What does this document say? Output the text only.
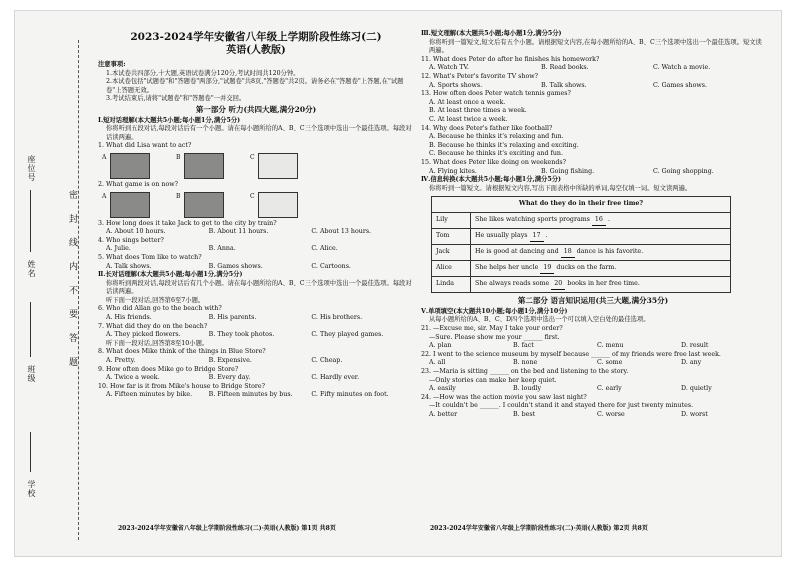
学校
班级
姓名
座位号
密 封 线 内 不 要 答 题
2023-2024学年安徽省八年级上学期阶段性练习(二)
英语(人教版)
注意事项:
1.本试卷共四部分,十大题,英语试卷满分120分,考试时间共120分钟。
2.本试卷包括"试题卷"和"答题卷"两部分,"试题卷"共8页,"答题卷"共2页。请务必在"答题卷"上答题,在"试题卷"上答题无效。
3.考试结束后,请将"试题卷"和"答题卷"一并交回。
第一部分 听力(共四大题,满分20分)
Ⅰ.短对话理解(本大题共5小题;每小题1分,满分5分)
你将听到五段对话,每段对话后有一个小题。请在每小题所给的A、B、C三个选项中选出一个最佳选项。每段对话读两遍。
1. What did Lisa want to act?
A	B	C
2. What game is on now?
A	B	C
3. How long does it take Jack to get to the city by train?
A. About 10 hours.	B. About 11 hours.	C. About 13 hours.
4. Who sings better?
A. Julie.	B. Anna.	C. Alice.
5. What does Tom like to watch?
A. Talk shows.	B. Games shows.	C. Cartoons.
Ⅱ.长对话理解(本大题共5小题;每小题1分,满分5分)
你将听到两段对话,每段对话后有几个小题。请在每小题所给的A、B、C三个选项中选出一个最佳选项。每段对话读两遍。
听下面一段对话,回答第6至7小题。
6. Who did Allan go to the beach with?
A. His friends.	B. His parents.	C. His brothers.
7. What did they do on the beach?
A. They picked flowers.	B. They took photos.	C. They played games.
听下面一段对话,回答第8至10小题。
8. What does Mike think of the things in Blue Store?
A. Pretty.	B. Expensive.	C. Cheap.
9. How often does Mike go to Bridge Store?
A. Twice a week.	B. Every day.	C. Hardly ever.
10. How far is it from Mike's house to Bridge Store?
A. Fifteen minutes by bike.	B. Fifteen minutes by bus.	C. Fifty minutes on foot.
Ⅲ.短文理解(本大题共5小题;每小题1分,满分5分)
你将听到一篇短文,短文后有五个小题。请根据短文内容,在每小题所给的A、B、C三个选项中选出一个最佳选项。短文读两遍。
11. What does Peter do after he finishes his homework?
A. Watch TV.	B. Read books.	C. Watch a movie.
12. What's Peter's favorite TV show?
A. Sports shows.	B. Talk shows.	C. Games shows.
13. How often does Peter watch tennis games?
A. At least once a week.
B. At least three times a week.
C. At least twice a week.
14. Why does Peter's father like football?
A. Because he thinks it's relaxing and fun.
B. Because he thinks it's relaxing and exciting.
C. Because he thinks it's exciting and fun.
15. What does Peter like doing on weekends?
A. Flying kites.	B. Going fishing.	C. Going shopping.
Ⅳ.信息转换(本大题共5小题;每小题1分,满分5分)
你将听到一篇短文。请根据短文内容,写出下面表格中所缺的单词,每空仅填一词。短文读两遍。
What do they do in their free time?	
Lily	She likes watching sports programs 16 .
Tom	He usually plays 17 .
Jack	He is good at dancing and 18 dance is his favorite.
Alice	She helps her uncle 19 ducks on the farm.
Linda	She always reads some 20 books in her free time.
第二部分 语言知识运用(共三大题,满分35分)
Ⅴ.单项填空(本大题共10小题;每小题1分,满分10分)
从每小题所给的A、B、C、D四个选项中选出一个可以填入空白处的最佳选项。
21. —Excuse me, sir. May I take your order?
—Sure. Please show me your ______ first.
A. plan	B. fact	C. menu	D. result
22. I went to the science museum by myself because ______ of my friends were free last week.
A. all	B. none	C. some	D. any
23. —Maria is sitting ______ on the bed and listening to the story.
—Only stories can make her keep quiet.
A. easily	B. loudly	C. early	D. quietly
24. —How was the action movie you saw last night?
—It couldn't be ______. I couldn't stand it and stayed there for just twenty minutes.
A. better	B. best	C. worse	D. worst
2023-2024学年安徽省八年级上学期阶段性练习(二)·英语(人教版) 第1页 共8页	2023-2024学年安徽省八年级上学期阶段性练习(二)·英语(人教版) 第2页 共8页
